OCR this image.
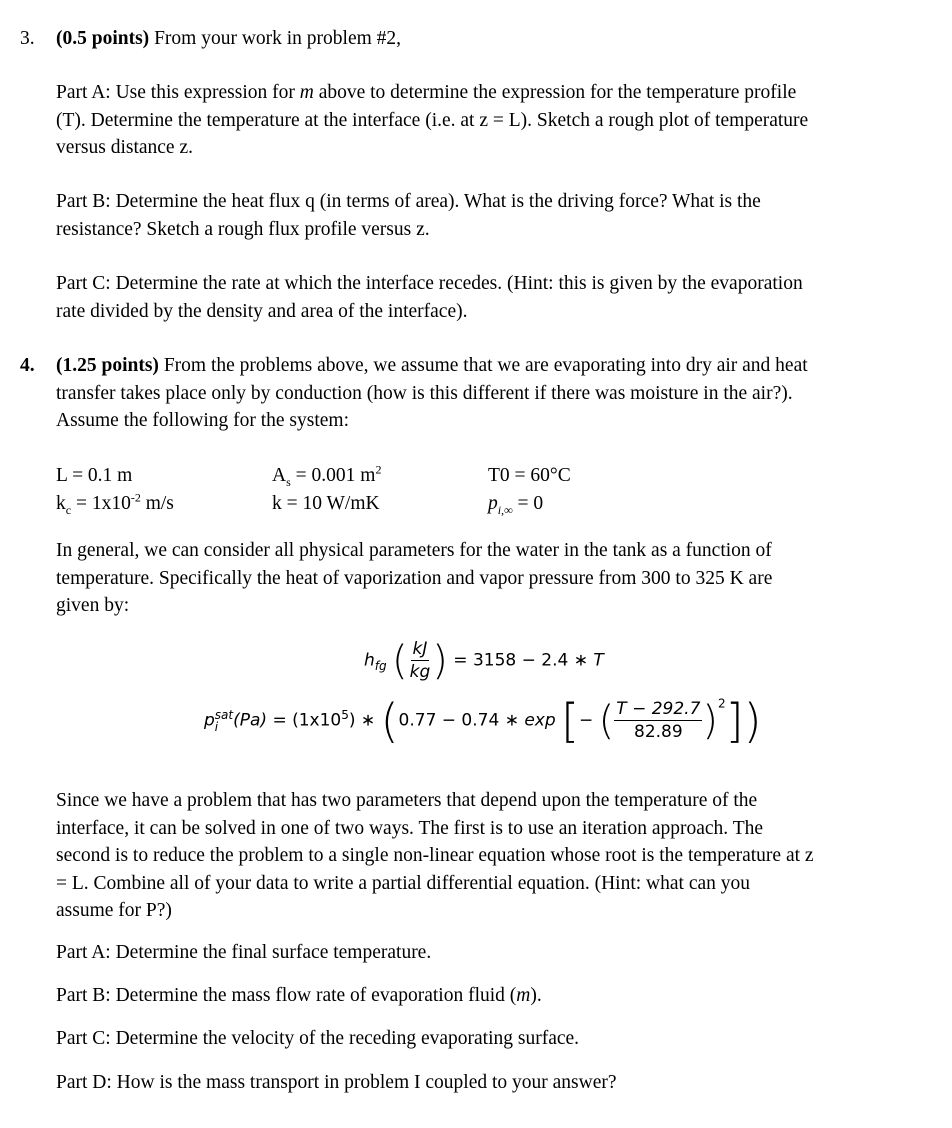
3. (0.5 points) From your work in problem #2,
Part A: Use this expression for m above to determine the expression for the temperature profile
(T). Determine the temperature at the interface (i.e. at z = L). Sketch a rough plot of temperature
versus distance z.
Part B: Determine the heat flux q (in terms of area). What is the driving force? What is the
resistance? Sketch a rough flux profile versus z.
Part C: Determine the rate at which the interface recedes. (Hint: this is given by the evaporation
rate divided by the density and area of the interface).
4. (1.25 points) From the problems above, we assume that we are evaporating into dry air and heat
transfer takes place only by conduction (how is this different if there was moisture in the air?).
Assume the following for the system:
L = 0.1 m	$A_s = 0.001$ $m^2$	T0 = 60°C
$k_c = 1x10^{-2}$ m/s	k = 10 W/mK	$p_{i,\infty} = 0$
In general, we can consider all physical parameters for the water in the tank as a function of
temperature. Specifically the heat of vaporization and vapor pressure from 300 to 325 K are
given by:
$h_{fg}$ ( $\frac{kJ}{kg}$ ) = 3158 − 2.4 ∗ T
p sat
i $(Pa) = (1x10^5)$ ∗ (0.77 − 0.74 ∗ exp [− ( $\frac{T - 292.7}{82.89} )^2$])
Since we have a problem that has two parameters that depend upon the temperature of the
interface, it can be solved in one of two ways. The first is to use an iteration approach. The
second is to reduce the problem to a single non-linear equation whose root is the temperature at z
= L. Combine all of your data to write a partial differential equation. (Hint: what can you
assume for P?)
Part A: Determine the final surface temperature.
Part B: Determine the mass flow rate of evaporation fluid (m).
Part C: Determine the velocity of the receding evaporating surface.
Part D: How is the mass transport in problem I coupled to your answer?
